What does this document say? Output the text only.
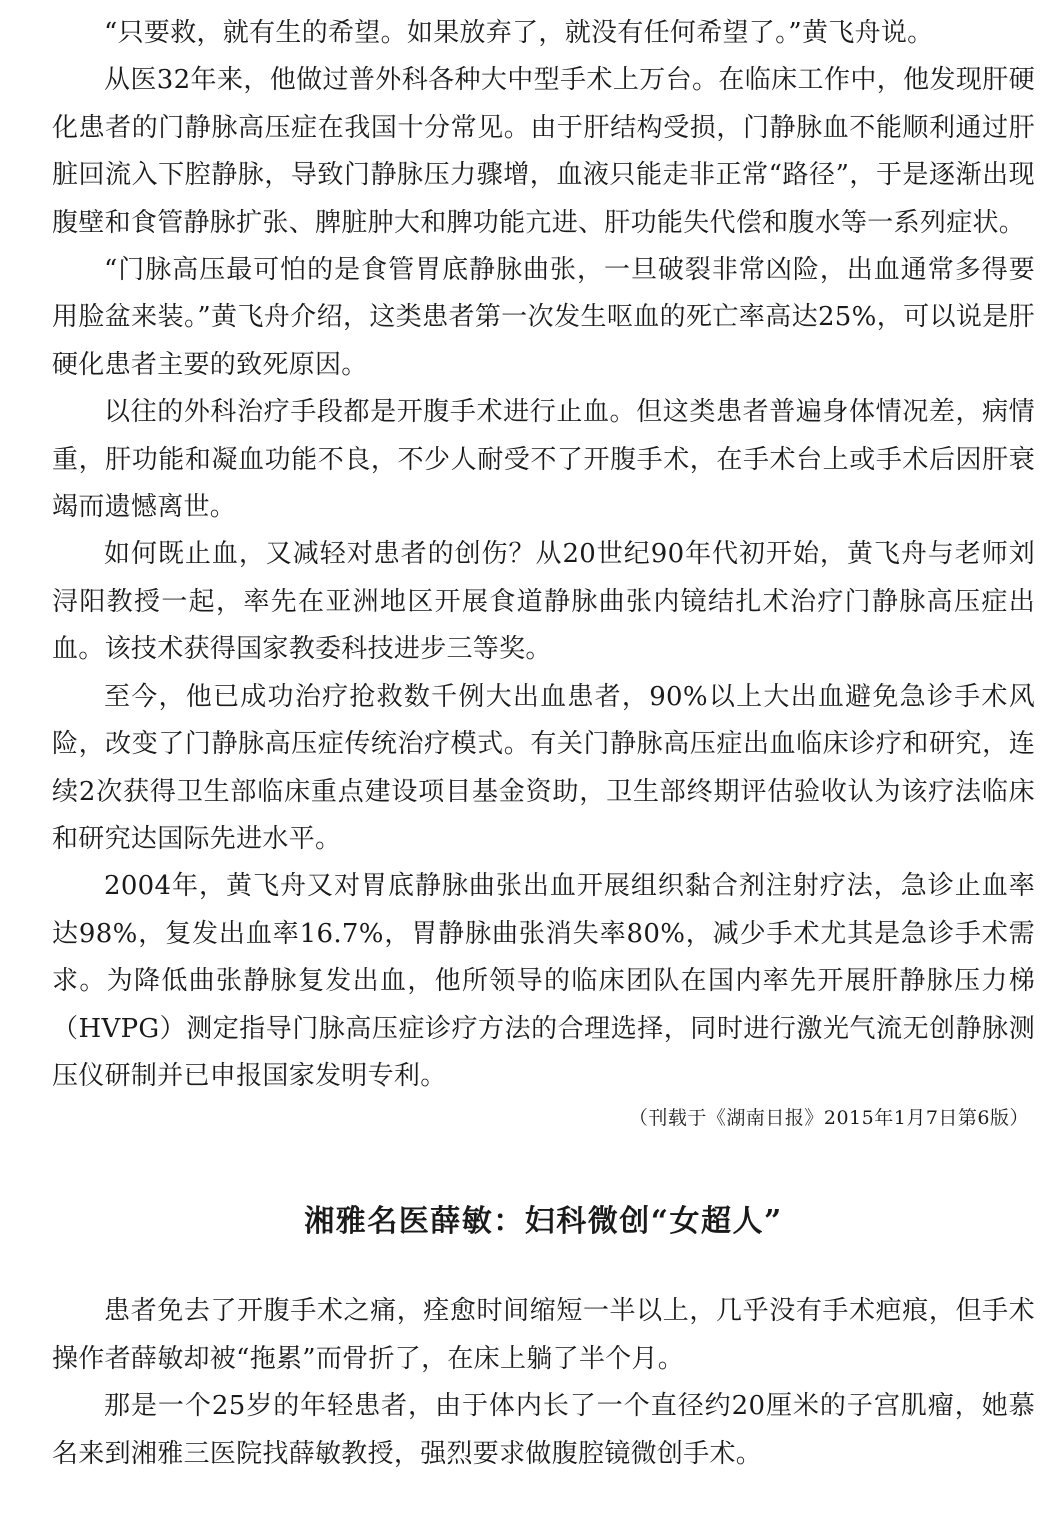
“只要救，就有生的希望。如果放弃了，就没有任何希望了。”黄飞舟说。

从医32年来，他做过普外科各种大中型手术上万台。在临床工作中，他发现肝硬化患者的门静脉高压症在我国十分常见。由于肝结构受损，门静脉血不能顺利通过肝脏回流入下腔静脉，导致门静脉压力骤增，血液只能走非正常“路径”，于是逐渐出现腹壁和食管静脉扩张、脾脏肿大和脾功能亢进、肝功能失代偿和腹水等一系列症状。

“门脉高压最可怕的是食管胃底静脉曲张，一旦破裂非常凶险，出血通常多得要用脸盆来装。”黄飞舟介绍，这类患者第一次发生呕血的死亡率高达25%，可以说是肝硬化患者主要的致死原因。

以往的外科治疗手段都是开腹手术进行止血。但这类患者普遍身体情况差，病情重，肝功能和凝血功能不良，不少人耐受不了开腹手术，在手术台上或手术后因肝衰竭而遗憾离世。

如何既止血，又减轻对患者的创伤？从20世纪90年代初开始，黄飞舟与老师刘浔阳教授一起，率先在亚洲地区开展食道静脉曲张内镜结扎术治疗门静脉高压症出血。该技术获得国家教委科技进步三等奖。

至今，他已成功治疗抢救数千例大出血患者，90%以上大出血避免急诊手术风险，改变了门静脉高压症传统治疗模式。有关门静脉高压症出血临床诊疗和研究，连续2次获得卫生部临床重点建设项目基金资助，卫生部终期评估验收认为该疗法临床和研究达国际先进水平。

2004年，黄飞舟又对胃底静脉曲张出血开展组织黏合剂注射疗法，急诊止血率达98%，复发出血率16.7%，胃静脉曲张消失率80%，减少手术尤其是急诊手术需求。为降低曲张静脉复发出血，他所领导的临床团队在国内率先开展肝静脉压力梯（HVPG）测定指导门脉高压症诊疗方法的合理选择，同时进行激光气流无创静脉测压仪研制并已申报国家发明专利。

（刊载于《湖南日报》2015年1月7日第6版）

湘雅名医薛敏：妇科微创“女超人”

患者免去了开腹手术之痛，痊愈时间缩短一半以上，几乎没有手术疤痕，但手术操作者薛敏却被“拖累”而骨折了，在床上躺了半个月。

那是一个25岁的年轻患者，由于体内长了一个直径约20厘米的子宫肌瘤，她慕名来到湘雅三医院找薛敏教授，强烈要求做腹腔镜微创手术。
